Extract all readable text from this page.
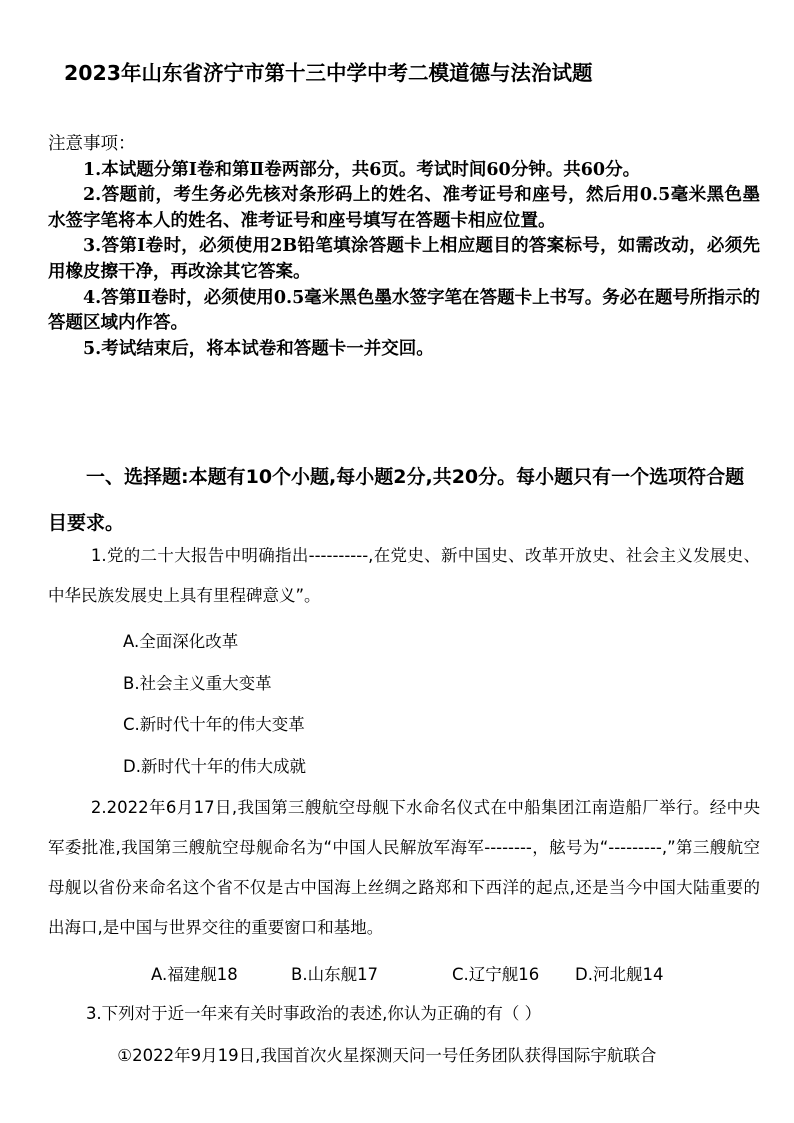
2023年山东省济宁市第十三中学中考二模道德与法治试题
注意事项：
1.本试题分第Ⅰ卷和第Ⅱ卷两部分，共6页。考试时间60分钟。共60分。
2.答题前，考生务必先核对条形码上的姓名、准考证号和座号，然后用0.5毫米黑色墨水签字笔将本人的姓名、准考证号和座号填写在答题卡相应位置。
3.答第Ⅰ卷时，必须使用2B铅笔填涂答题卡上相应题目的答案标号，如需改动，必须先用橡皮擦干净，再改涂其它答案。
4.答第Ⅱ卷时，必须使用0.5毫米黑色墨水签字笔在答题卡上书写。务必在题号所指示的答题区域内作答。
5.考试结束后，将本试卷和答题卡一并交回。
一、选择题:本题有10个小题,每小题2分,共20分。每小题只有一个选项符合题目要求。
1.党的二十大报告中明确指出----------,在党史、新中国史、改革开放史、社会主义发展史、中华民族发展史上具有里程碑意义”。
A.全面深化改革
B.社会主义重大变革
C.新时代十年的伟大变革
D.新时代十年的伟大成就
2.2022年6月17日,我国第三艘航空母舰下水命名仪式在中船集团江南造船厂举行。经中央军委批准,我国第三艘航空母舰命名为“中国人民解放军海军--------，舷号为“---------,”第三艘航空母舰以省份来命名这个省不仅是古中国海上丝绸之路郑和下西洋的起点,还是当今中国大陆重要的出海口,是中国与世界交往的重要窗口和基地。
A.福建舰18	B.山东舰17	C.辽宁舰16 D.河北舰14
3.下列对于近一年来有关时事政治的表述,你认为正确的有（ ）
①2022年9月19日,我国首次火星探测天问一号任务团队获得国际宇航联合
